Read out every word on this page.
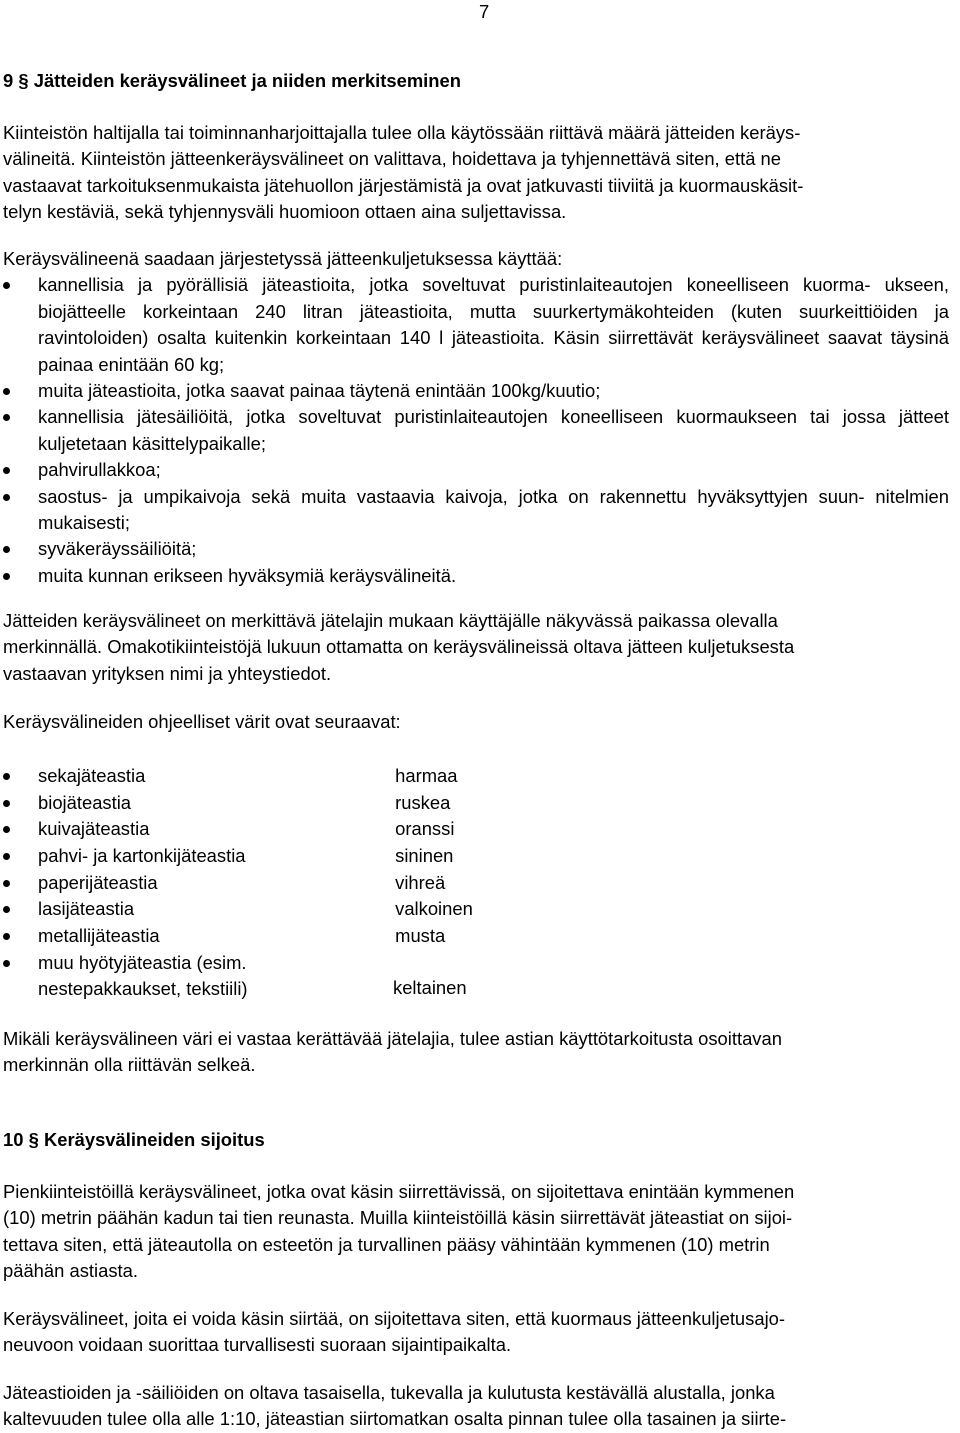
7
9 § Jätteiden keräysvälineet ja niiden merkitseminen
Kiinteistön haltijalla tai toiminnanharjoittajalla tulee olla käytössään riittävä määrä jätteiden keräys-
välineitä. Kiinteistön jätteenkeräysvälineet on valittava, hoidettava ja tyhjennettävä siten, että ne
vastaavat tarkoituksenmukaista jätehuollon järjestämistä ja ovat jatkuvasti tiiviitä ja kuormauskäsit-
telyn kestäviä, sekä tyhjennysväli huomioon ottaen aina suljettavissa.

Keräysvälineenä saadaan järjestetyssä jätteenkuljetuksessa käyttää:

kannellisia ja pyörällisiä jäteastioita, jotka soveltuvat puristinlaiteautojen koneelliseen kuorma- ukseen, biojätteelle korkeintaan 240 litran jäteastioita, mutta suurkertymäkohteiden (kuten suurkeittiöiden ja ravintoloiden) osalta kuitenkin korkeintaan 140 l jäteastioita. Käsin siirrettävät keräysvälineet saavat täysinä painaa enintään 60 kg;
muita jäteastioita, jotka saavat painaa täytenä enintään 100kg/kuutio;
kannellisia jätesäiliöitä, jotka soveltuvat puristinlaiteautojen koneelliseen kuormaukseen tai jossa jätteet kuljetetaan käsittelypaikalle;
pahvirullakkoa;
saostus- ja umpikaivoja sekä muita vastaavia kaivoja, jotka on rakennettu hyväksyttyjen suun- nitelmien mukaisesti;
syväkeräyssäiliöitä;
muita kunnan erikseen hyväksymiä keräysvälineitä.
Jätteiden keräysvälineet on merkittävä jätelajin mukaan käyttäjälle näkyvässä paikassa olevalla
merkinnällä. Omakotikiinteistöjä lukuun ottamatta on keräysvälineissä oltava jätteen kuljetuksesta
vastaavan yrityksen nimi ja yhteystiedot.

Keräysvälineiden ohjeelliset värit ovat seuraavat:

sekajäteastia	harmaa
biojäteastia	ruskea
kuivajäteastia	oranssi
pahvi- ja kartonkijäteastia	sininen
paperijäteastia	vihreä
lasijäteastia	valkoinen
metallijäteastia	musta
muu hyötyjäteastia (esim.
nestepakkaukset, tekstiili)	keltainen
Mikäli keräysvälineen väri ei vastaa kerättävää jätelajia, tulee astian käyttötarkoitusta osoittavan
merkinnän olla riittävän selkeä.
10 § Keräysvälineiden sijoitus
Pienkiinteistöillä keräysvälineet, jotka ovat käsin siirrettävissä, on sijoitettava enintään kymmenen
(10) metrin päähän kadun tai tien reunasta. Muilla kiinteistöillä käsin siirrettävät jäteastiat on sijoi-
tettava siten, että jäteautolla on esteetön ja turvallinen pääsy vähintään kymmenen (10) metrin
päähän astiasta.
Keräysvälineet, joita ei voida käsin siirtää, on sijoitettava siten, että kuormaus jätteenkuljetusajo-
neuvoon voidaan suorittaa turvallisesti suoraan sijaintipaikalta.
Jäteastioiden ja -säiliöiden on oltava tasaisella, tukevalla ja kulutusta kestävällä alustalla, jonka
kaltevuuden tulee olla alle 1:10, jäteastian siirtomatkan osalta pinnan tulee olla tasainen ja siirte-
